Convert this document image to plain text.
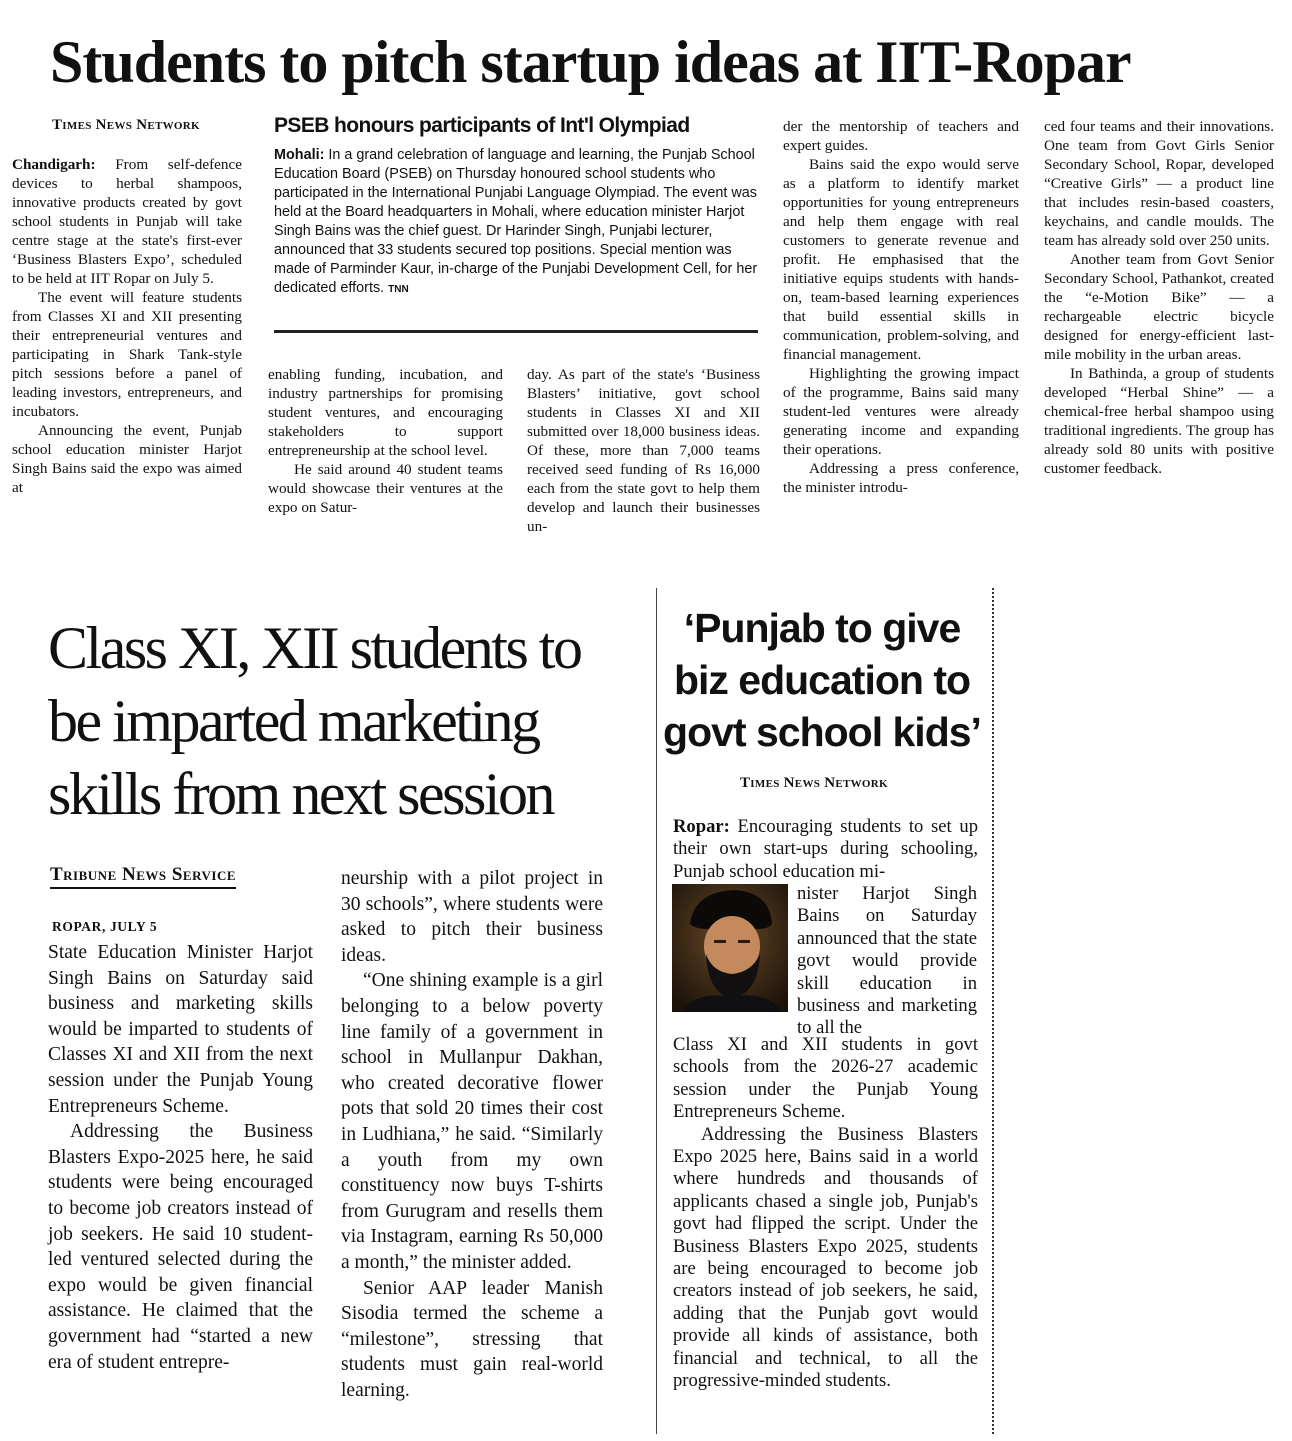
Students to pitch startup ideas at IIT-Ropar
Times News Network

Chandigarh: From self-defence devices to herbal shampoos, innovative products created by govt school students in Punjab will take centre stage at the state's first-ever ‘Business Blasters Expo’, scheduled to be held at IIT Ropar on July 5.

The event will feature students from Classes XI and XII presenting their entrepreneurial ventures and participating in Shark Tank-style pitch sessions before a panel of leading investors, entrepreneurs, and incubators.

Announcing the event, Punjab school education minister Harjot Singh Bains said the expo was aimed at

PSEB honours participants of Int'l Olympiad

Mohali: In a grand celebration of language and learning, the Punjab School Education Board (PSEB) on Thursday honoured school students who participated in the International Punjabi Language Olympiad. The event was held at the Board headquarters in Mohali, where education minister Harjot Singh Bains was the chief guest. Dr Harinder Singh, Punjabi lecturer, announced that 33 students secured top positions. Special mention was made of Parminder Kaur, in-charge of the Punjabi Development Cell, for her dedicated efforts. TNN

enabling funding, incubation, and industry partnerships for promising student ventures, and encouraging stakeholders to support entrepreneurship at the school level.

He said around 40 student teams would showcase their ventures at the expo on Satur-

day. As part of the state's ‘Business Blasters’ initiative, govt school students in Classes XI and XII submitted over 18,000 business ideas. Of these, more than 7,000 teams received seed funding of Rs 16,000 each from the state govt to help them develop and launch their businesses un-

der the mentorship of teachers and expert guides.

Bains said the expo would serve as a platform to identify market opportunities for young entrepreneurs and help them engage with real customers to generate revenue and profit. He emphasised that the initiative equips students with hands-on, team-based learning experiences that build essential skills in communication, problem-solving, and financial management.

Highlighting the growing impact of the programme, Bains said many student-led ventures were already generating income and expanding their operations.

Addressing a press conference, the minister introdu-

ced four teams and their innovations. One team from Govt Girls Senior Secondary School, Ropar, developed “Creative Girls” — a product line that includes resin-based coasters, keychains, and candle moulds. The team has already sold over 250 units.

Another team from Govt Senior Secondary School, Pathankot, created the “e-Motion Bike” — a rechargeable electric bicycle designed for energy-efficient last-mile mobility in the urban areas.

In Bathinda, a group of students developed “Herbal Shine” — a chemical-free herbal shampoo using traditional ingredients. The group has already sold 80 units with positive customer feedback.

Class XI, XII students to
be imparted marketing
skills from next session
Tribune News Service
ROPAR, JULY 5

State Education Minister Harjot Singh Bains on Saturday said business and marketing skills would be imparted to students of Classes XI and XII from the next session under the Punjab Young Entrepreneurs Scheme.

Addressing the Business Blasters Expo-2025 here, he said students were being encouraged to become job creators instead of job seekers. He said 10 student-led ventured selected during the expo would be given financial assistance. He claimed that the government had “started a new era of student entrepre-

neurship with a pilot project in 30 schools”, where students were asked to pitch their business ideas.

“One shining example is a girl belonging to a below poverty line family of a government in school in Mullanpur Dakhan, who created decorative flower pots that sold 20 times their cost in Ludhiana,” he said. “Similarly a youth from my own constituency now buys T-shirts from Gurugram and resells them via Instagram, earning Rs 50,000 a month,” the minister added.

Senior AAP leader Manish Sisodia termed the scheme a “milestone”, stressing that students must gain real-world learning.

‘Punjab to give
biz education to
govt school kids’
Times News Network

Ropar: Encouraging students to set up their own start-ups during schooling, Punjab school education mi-

nister Harjot Singh Bains on Saturday announced that the state govt would provide skill education in business and marketing to all the

Class XI and XII students in govt schools from the 2026-27 academic session under the Punjab Young Entrepreneurs Scheme.

Addressing the Business Blasters Expo 2025 here, Bains said in a world where hundreds and thousands of applicants chased a single job, Punjab's govt had flipped the script. Under the Business Blasters Expo 2025, students are being encouraged to become job creators instead of job seekers, he said, adding that the Punjab govt would provide all kinds of assistance, both financial and technical, to all the progressive-minded students.
